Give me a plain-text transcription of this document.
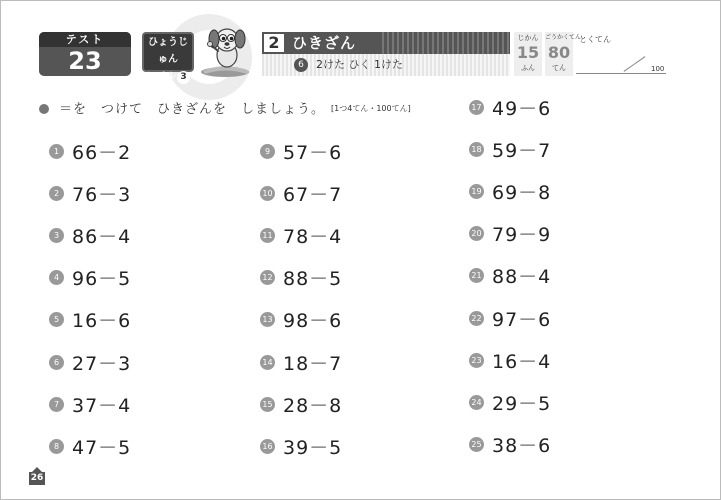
テスト
23
ひょうじゅん
レベル 3
2 ひきざん
6	2けた ひく 1けた
じかん
15
ふん
ごうかくてん
80
てん
とくてん
100
＝を　つけて　ひきざんを　しましょう。 [1つ4てん・100てん]
1 66－2
2 76－3
3 86－4
4 96－5
5 16－6
6 27－3
7 37－4
8 47－5
9 57－6
10 67－7
11 78－4
12 88－5
13 98－6
14 18－7
15 28－8
16 39－5
17 49－6
18 59－7
19 69－8
20 79－9
21 88－4
22 97－6
23 16－4
24 29－5
25 38－6
26
